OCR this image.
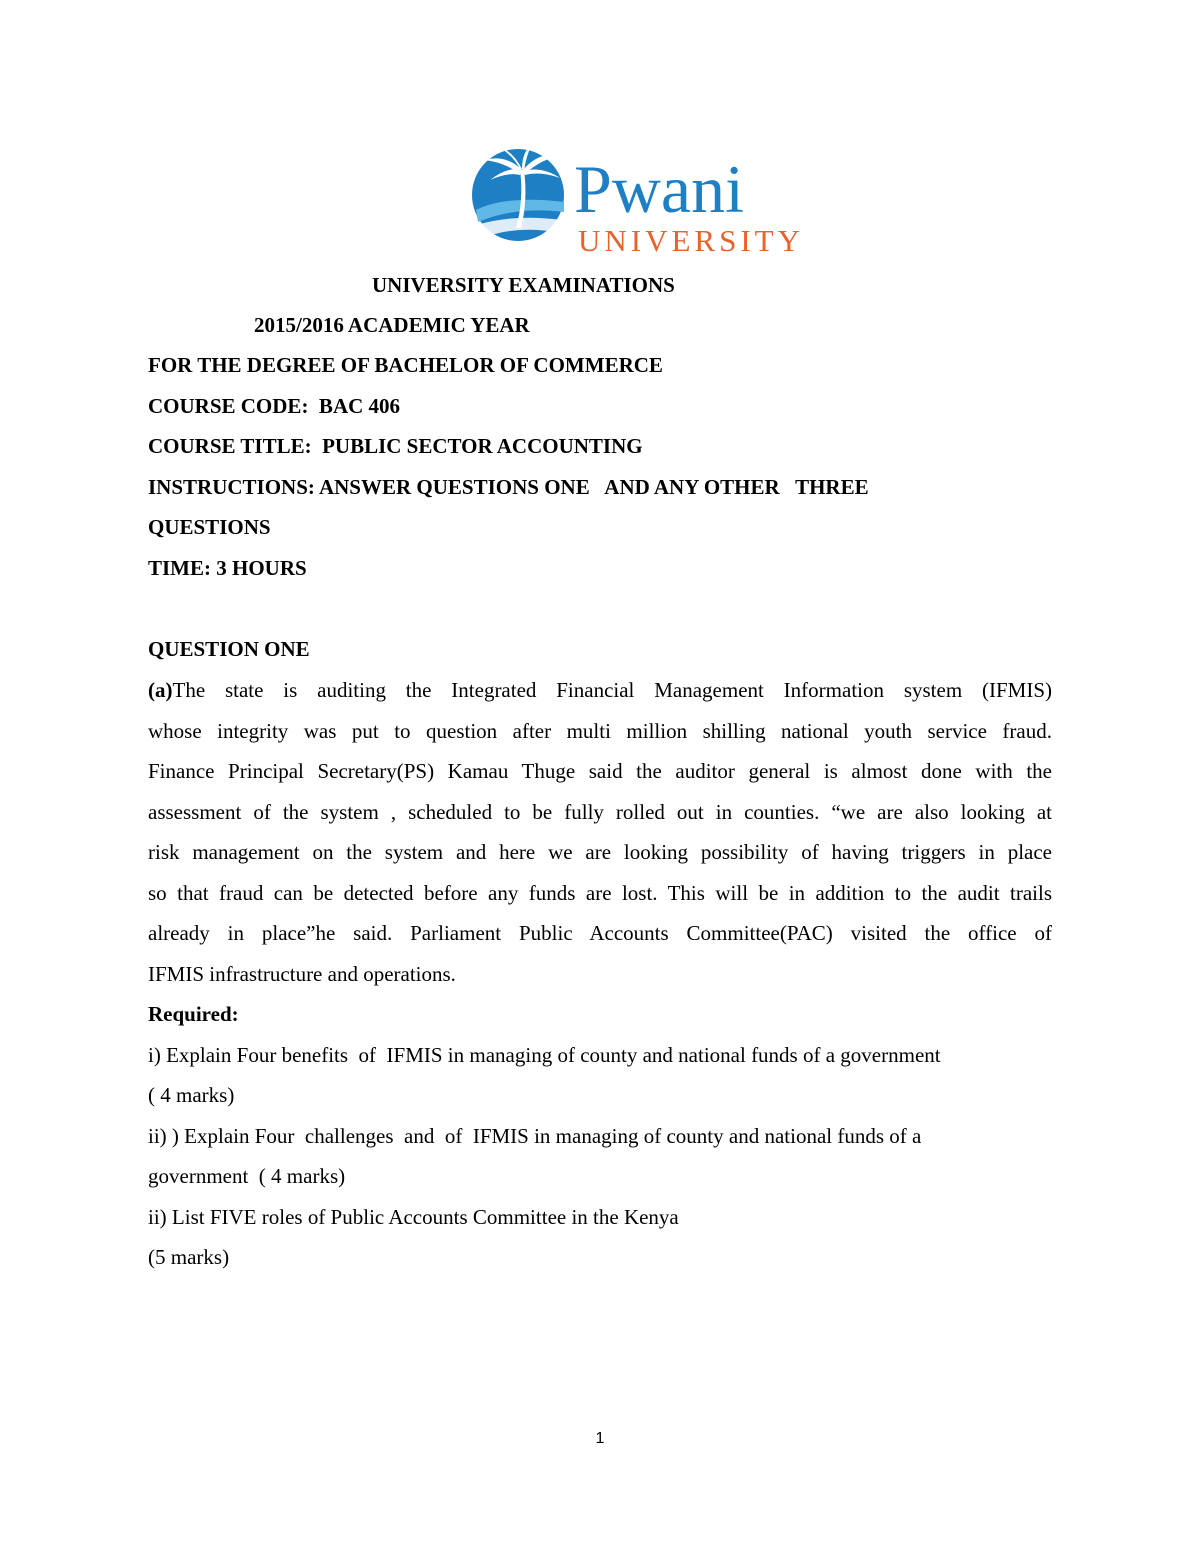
Pwani
UNIVERSITY

UNIVERSITY EXAMINATIONS

2015/2016 ACADEMIC YEAR

FOR THE DEGREE OF BACHELOR OF COMMERCE

COURSE CODE:  BAC 406

COURSE TITLE:  PUBLIC SECTOR ACCOUNTING

INSTRUCTIONS: ANSWER QUESTIONS ONE   AND ANY OTHER   THREE

QUESTIONS

TIME: 3 HOURS

QUESTION ONE

(a)The state is auditing the Integrated Financial Management Information system (IFMIS)
whose integrity was put to question after multi million shilling national youth service fraud.
Finance Principal Secretary(PS) Kamau Thuge said the auditor general is almost done with the
assessment of the system , scheduled to be fully rolled out in counties. “we are also looking at
risk management on the system and here we are looking possibility of having triggers in place
so that fraud can be detected before any funds are lost. This will be in addition to the audit trails
already in place”he said. Parliament Public Accounts Committee(PAC) visited the office of
IFMIS infrastructure and operations.

Required:

i) Explain Four benefits  of  IFMIS in managing of county and national funds of a government

( 4 marks)

ii) ) Explain Four  challenges  and  of  IFMIS in managing of county and national funds of a

government  ( 4 marks)

ii) List FIVE roles of Public Accounts Committee in the Kenya

(5 marks)

1
